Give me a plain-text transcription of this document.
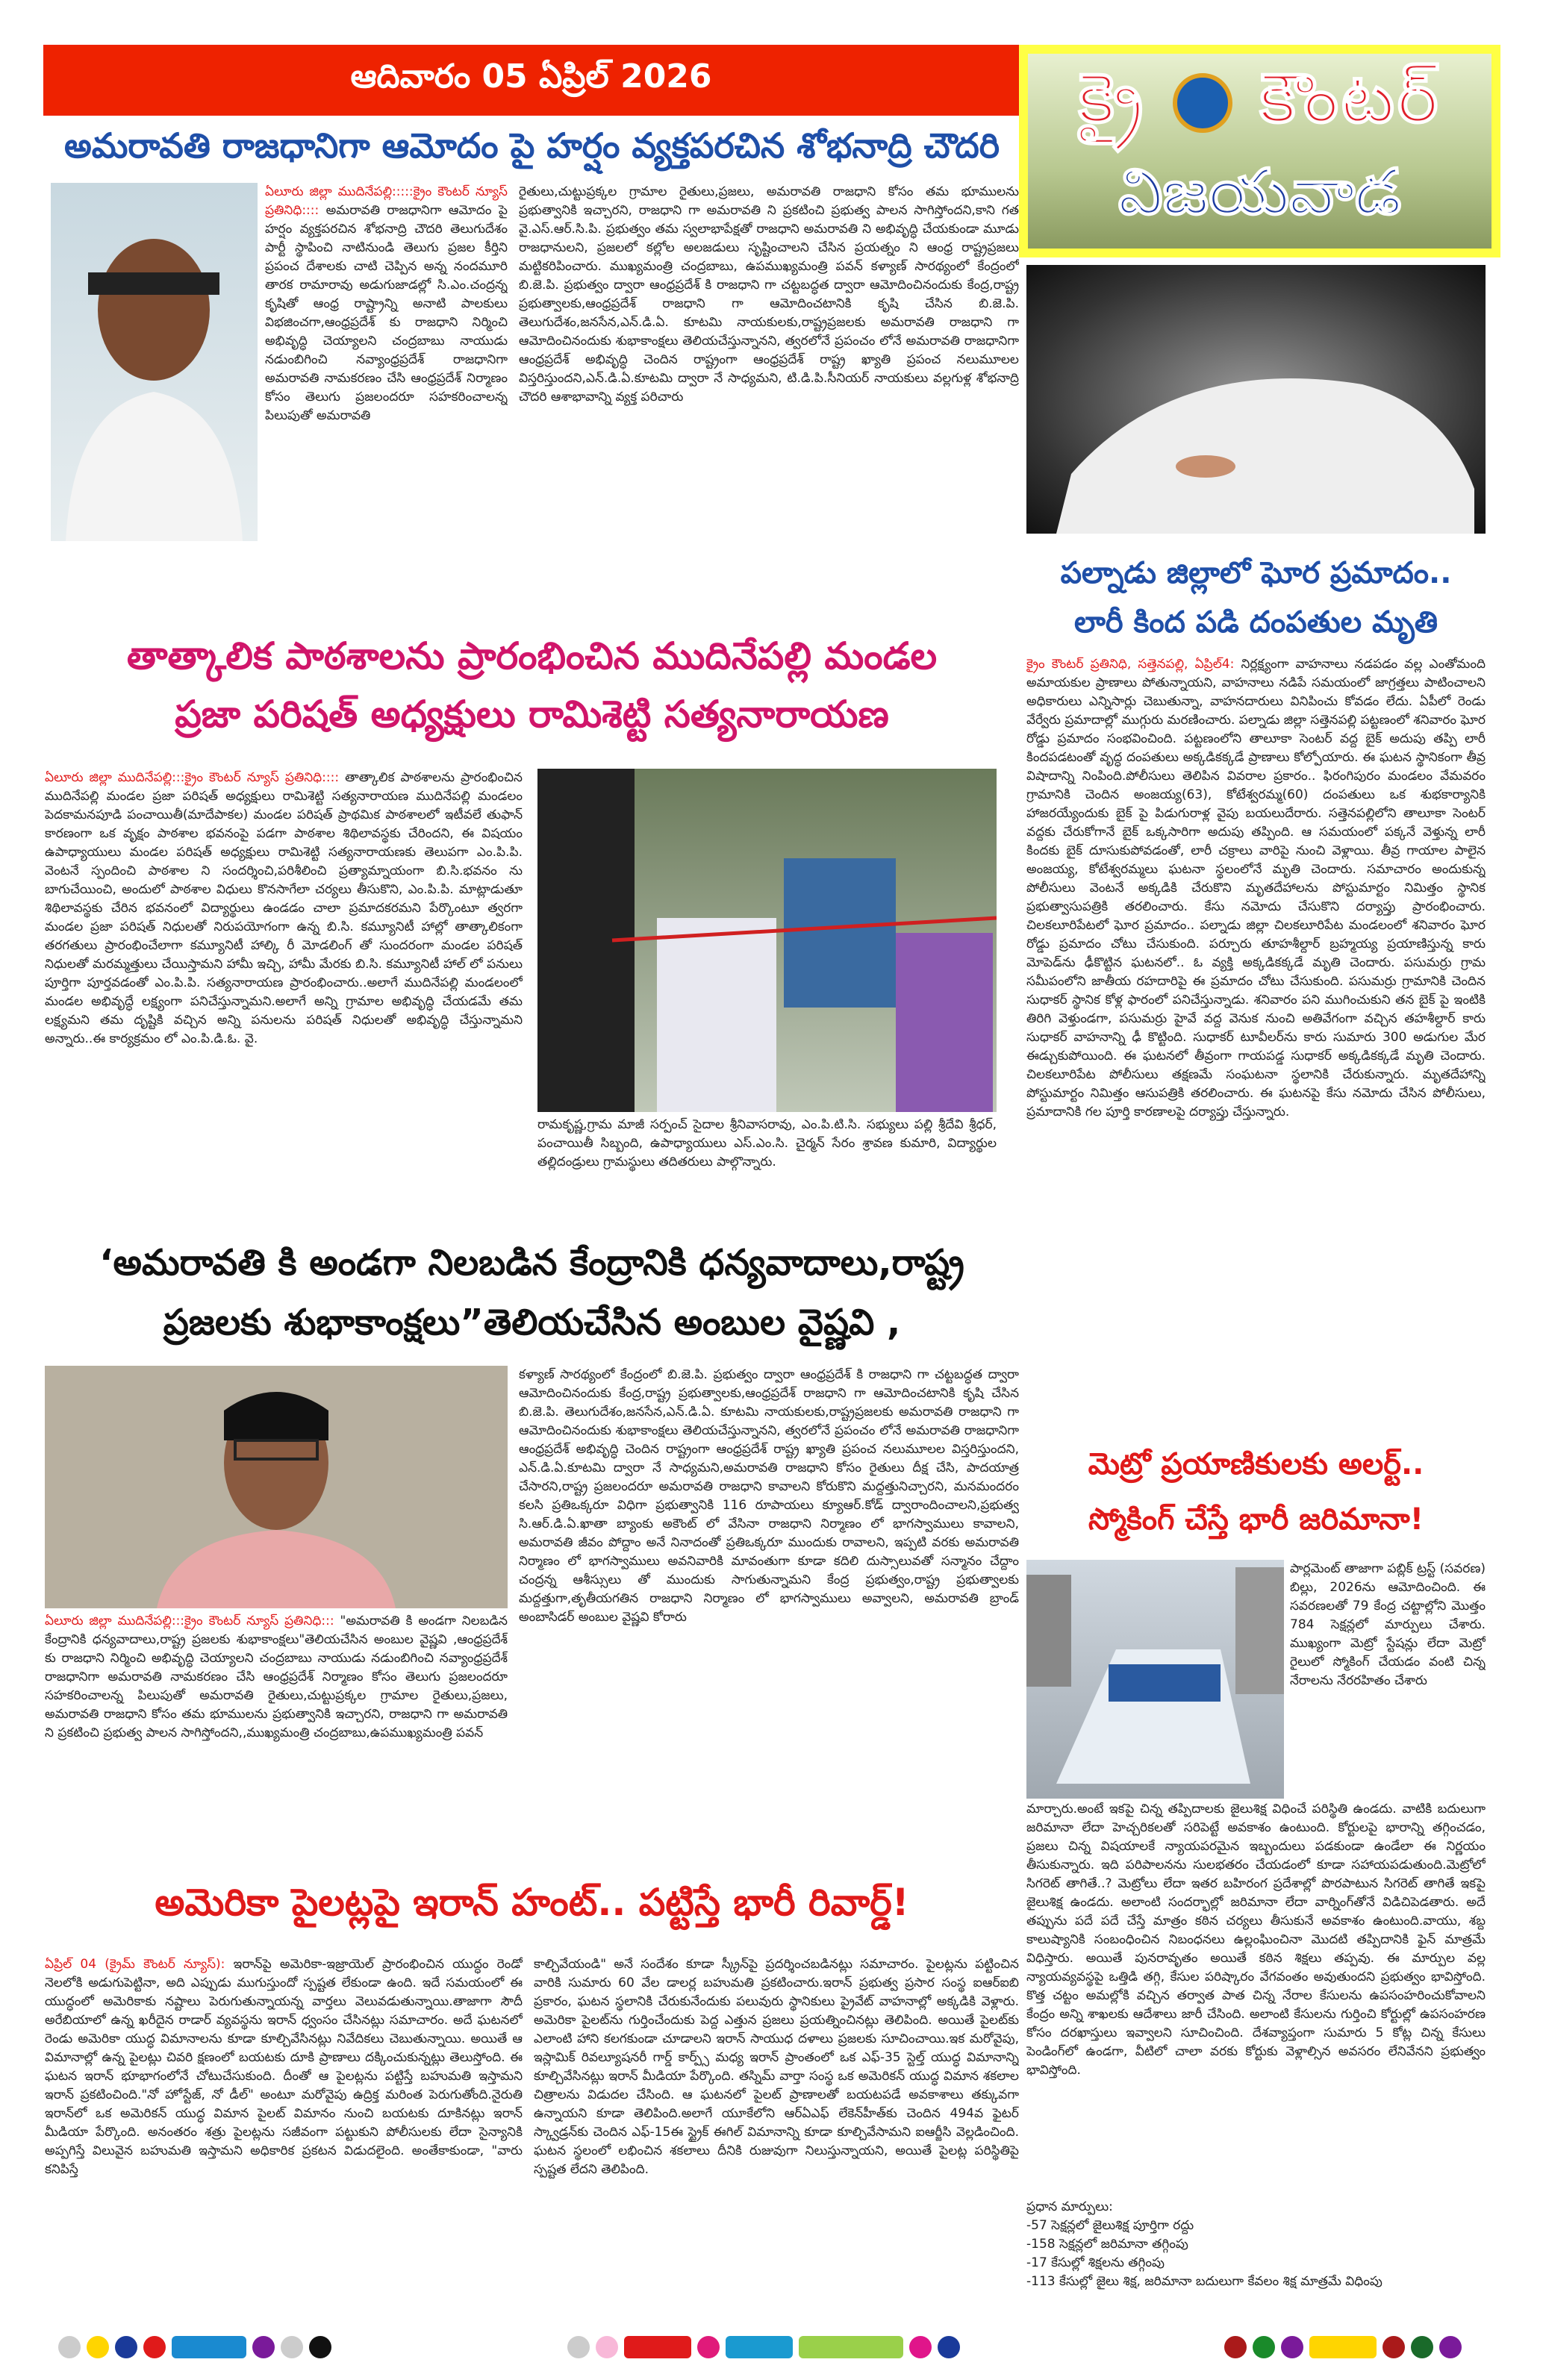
ఆదివారం 05 ఏప్రిల్ 2026	క్రై కౌంటర్
విజయవాడ
అమరావతి రాజధానిగా ఆమోదం పై హర్షం వ్యక్తపరచిన శోభనాద్రి చౌదరి
ఏలూరు జిల్లా ముదినేపల్లి:::::క్రైం కౌంటర్ న్యూస్ ప్రతినిధి:::: అమరావతి రాజధానిగా ఆమోదం పై హర్షం వ్యక్తపరచిన శోభనాద్రి చౌదరి తెలుగుదేశం పార్టీ స్థాపించి నాటినుండి తెలుగు ప్రజల కీర్తిని ప్రపంచ దేశాలకు చాటి చెప్పిన అన్న నందమూరి తారక రామారావు అడుగుజాడల్లో సి.ఎం.చంద్రన్న కృషితో ఆంధ్ర రాష్ట్రాన్ని అనాటి పాలకులు విభజించగా,ఆంధ్రప్రదేశ్ కు రాజధాని నిర్మించి అభివృద్ధి చెయ్యాలని చంద్రబాబు నాయుడు నడుంబిగించి నవ్యాంధ్రప్రదేశ్ రాజధానిగా అమరావతి నామకరణం చేసి ఆంధ్రప్రదేశ్ నిర్మాణం కోసం తెలుగు ప్రజలందరూ సహకరించాలన్న పిలుపుతో అమరావతి
రైతులు,చుట్టుప్రక్కల గ్రామాల రైతులు,ప్రజలు, అమరావతి రాజధాని కోసం తమ భూములను ప్రభుత్వానికి ఇచ్చారని, రాజధాని గా అమరావతి ని ప్రకటించి ప్రభుత్వ పాలన సాగిస్తోందని,కాని గత వై.ఎస్.ఆర్.సి.పి. ప్రభుత్వం తమ స్వలాభాపేక్షతో రాజధాని అమరావతి ని అభివృద్ధి చేయకుండా మూడు రాజధానులని, ప్రజలలో కల్లోల అలజడులు సృష్టించాలని చేసిన ప్రయత్నం ని ఆంధ్ర రాష్ట్రప్రజలు మట్టికరిపించారు. ముఖ్యమంత్రి చంద్రబాబు, ఉపముఖ్యమంత్రి పవన్ కళ్యాణ్ సారథ్యంలో కేంద్రంలో బి.జె.పి. ప్రభుత్వం ద్వారా ఆంధ్రప్రదేశ్ కి రాజధాని గా చట్టబద్ధత ద్వారా ఆమోదించినందుకు కేంద్ర,రాష్ట్ర ప్రభుత్వాలకు,ఆంధ్రప్రదేశ్ రాజధాని గా ఆమోదించటానికి కృషి చేసిన బి.జె.పి. తెలుగుదేశం,జనసేన,ఎన్.డి.ఏ. కూటమి నాయకులకు,రాష్ట్రప్రజలకు అమరావతి రాజధాని గా ఆమోదించినందుకు శుభాకాంక్షలు తెలియచేస్తున్నానని, త్వరలోనే ప్రపంచం లోనే అమరావతి రాజధానిగా ఆంధ్రప్రదేశ్ అభివృద్ధి చెందిన రాష్ట్రంగా ఆంధ్రప్రదేశ్ రాష్ట్ర ఖ్యాతి ప్రపంచ నలుమూలల విస్తరిస్తుందని,ఎన్.డి.ఏ.కూటమి ద్వారా నే సాధ్యమని, టి.డి.పి.సీనియర్ నాయకులు వల్లగుళ్ల శోభనాద్రి చౌదరి ఆశాభావాన్ని వ్యక్త పరిచారు
పల్నాడు జిల్లాలో ఘోర ప్రమాదం..
లారీ కింద పడి దంపతుల మృతి
క్రైం కౌంటర్ ప్రతినిధి, సత్తెనపల్లి, ఏప్రిల్4: నిర్లక్ష్యంగా వాహనాలు నడపడం వల్ల ఎంతోమంది అమాయకుల ప్రాణాలు పోతున్నాయని, వాహనాలు నడిపే సమయంలో జాగ్రత్తలు పాటించాలని అధికారులు ఎన్నిసార్లు చెబుతున్నా, వాహనదారులు వినిపించు కోవడం లేదు. ఏపీలో రెండు వేర్వేరు ప్రమాదాల్లో ముగ్గురు మరణించారు. పల్నాడు జిల్లా సత్తెనపల్లి పట్టణంలో శనివారం ఘోర రోడ్డు ప్రమాదం సంభవించింది. పట్టణంలోని తాలూకా సెంటర్ వద్ద బైక్ అదుపు తప్పి లారీ కిందపడటంతో వృద్ధ దంపతులు అక్కడికక్కడే ప్రాణాలు కోల్పోయారు. ఈ ఘటన స్థానికంగా తీవ్ర విషాదాన్ని నింపింది.పోలీసులు తెలిపిన వివరాల ప్రకారం.. ఫిరంగిపురం మండలం వేమవరం గ్రామానికి చెందిన అంజయ్య(63), కోటేశ్వరమ్మ(60) దంపతులు ఒక శుభకార్యానికి హాజరయ్యేందుకు బైక్ పై పిడుగురాళ్ల వైపు బయలుదేరారు. సత్తెనపల్లిలోని తాలూకా సెంటర్ వద్దకు చేరుకోగానే బైక్ ఒక్కసారిగా అదుపు తప్పింది. ఆ సమయంలో పక్కనే వెళ్తున్న లారీ కిందకు బైక్ దూసుకుపోవడంతో, లారీ చక్రాలు వారిపై నుంచి వెళ్లాయి. తీవ్ర గాయాల పాలైన అంజయ్య, కోటేశ్వరమ్మలు ఘటనా స్థలంలోనే మృతి చెందారు. సమాచారం అందుకున్న పోలీసులు వెంటనే అక్కడికి చేరుకొని మృతదేహాలను పోస్టుమార్టం నిమిత్తం స్థానిక ప్రభుత్వాసుపత్రికి తరలించారు. కేసు నమోదు చేసుకొని దర్యాప్తు ప్రారంభించారు. చిలకలూరిపేటలో ఘోర ప్రమాదం.. పల్నాడు జిల్లా చిలకలూరిపేట మండలంలో శనివారం ఘోర రోడ్డు ప్రమాదం చోటు చేసుకుంది. పర్చూరు తూహశీల్దార్ బ్రహ్మయ్య ప్రయాణిస్తున్న కారు మోపెడ్‌ను ఢీకొట్టిన ఘటనలో.. ఓ వ్యక్తి అక్కడికక్కడే మృతి చెందారు. పసుమర్రు గ్రామ సమీపంలోని జాతీయ రహదారిపై ఈ ప్రమాదం చోటు చేసుకుంది. పసుమర్రు గ్రామానికి చెందిన సుధాకర్ స్థానిక కోళ్ల ఫారంలో పనిచేస్తున్నాడు. శనివారం పని ముగించుకుని తన బైక్ పై ఇంటికి తిరిగి వెళ్తుండగా, పసుమర్రు హైవే వద్ద వెనుక నుంచి అతివేగంగా వచ్చిన తహశీల్దార్ కారు సుధాకర్ వాహనాన్ని ఢీ కొట్టింది. సుధాకర్ టూవీలర్‌ను కారు సుమారు 300 అడుగుల మేర ఈడ్చుకుపోయింది. ఈ ఘటనలో తీవ్రంగా గాయపడ్డ సుధాకర్ అక్కడికక్కడే మృతి చెందారు. చిలకలూరిపేట పోలీసులు తక్షణమే సంఘటనా స్థలానికి చేరుకున్నారు. మృతదేహాన్ని పోస్టుమార్టం నిమిత్తం ఆసుపత్రికి తరలించారు. ఈ ఘటనపై కేసు నమోదు చేసిన పోలీసులు, ప్రమాదానికి గల పూర్తి కారణాలపై దర్యాప్తు చేస్తున్నారు.
తాత్కాలిక పాఠశాలను ప్రారంభించిన ముదినేపల్లి మండల
ప్రజా పరిషత్ అధ్యక్షులు రామిశెట్టి సత్యనారాయణ
ఏలూరు జిల్లా ముదినేపల్లి:::క్రైం కౌంటర్ న్యూస్ ప్రతినిధి:::: తాత్కాలిక పాఠశాలను ప్రారంభించిన ముదినేపల్లి మండల ప్రజా పరిషత్ అధ్యక్షులు రామిశెట్టి సత్యనారాయణ ముదినేపల్లి మండలం పెదకామనపూడి పంచాయితీ(మాదేపాకల) మండల పరిషత్ ప్రాథమిక పాఠశాలలో ఇటీవలే తుఫాన్ కారణంగా ఒక వృక్షం పాఠశాల భవనంపై పడగా పాఠశాల శిథిలావస్థకు చేరిందని, ఈ విషయం ఉపాధ్యాయులు మండల పరిషత్ అధ్యక్షులు రామిశెట్టి సత్యనారాయణకు తెలుపగా ఎం.పి.పి. వెంటనే స్పందించి పాఠశాల ని సందర్శించి,పరిశీలించి ప్రత్యామ్నాయంగా బి.సి.భవనం ను బాగుచేయించి, అందులో పాఠశాల విధులు కొనసాగేలా చర్యలు తీసుకొని, ఎం.పి.పి. మాట్లాడుతూ శిథిలావస్థకు చేరిన భవనంలో విద్యార్థులు ఉండడం చాలా ప్రమాదకరమని పేర్కొంటూ త్వరగా మండల ప్రజా పరిషత్ నిధులతో నిరుపయోగంగా ఉన్న బి.సి. కమ్యూనిటీ హాల్లో తాత్కాలికంగా తరగతులు ప్రారంభించేలాగా కమ్యూనిటీ హాల్కి రీ మోడలింగ్ తో సుందరంగా మండల పరిషత్ నిధులతో మరమ్మత్తులు చేయిస్తామని హామీ ఇచ్చి, హామీ మేరకు బి.సి. కమ్యూనిటీ హాల్ లో పనులు పూర్తిగా పూర్తవడంతో ఎం.పి.పి. సత్యనారాయణ ప్రారంభించారు..అలాగే ముదినేపల్లి మండలంలో మండల అభివృద్ధే లక్ష్యంగా పనిచేస్తున్నామని.అలాగే అన్ని గ్రామాల అభివృద్ధి చేయడమే తమ లక్ష్యమని తమ దృష్టికి వచ్చిన అన్ని పనులను పరిషత్ నిధులతో అభివృద్ధి చేస్తున్నామని అన్నారు..ఈ కార్యక్రమం లో ఎం.పి.డి.ఓ. వై.
రామకృష్ణ,గ్రామ మాజీ సర్పంచ్ సైదాల శ్రీనివాసరావు, ఎం.పి.టి.సి. సభ్యులు పల్లి శ్రీదేవి శ్రీధర్, పంచాయితీ సిబ్బంది, ఉపాధ్యాయులు ఎస్.ఎం.సి. చైర్మన్ సేరం శ్రావణ కుమారి, విద్యార్థుల తల్లిదండ్రులు గ్రామస్థులు తదితరులు పాల్గొన్నారు.
‘అమరావతి కి అండగా నిలబడిన కేంద్రానికి ధన్యవాదాలు,రాష్ట్ర
ప్రజలకు శుభాకాంక్షలు”తెలియచేసిన అంబుల వైష్ణవి ,
ఏలూరు జిల్లా ముదినేపల్లి:::క్రైం కౌంటర్ న్యూస్ ప్రతినిధి::: "అమరావతి కి అండగా నిలబడిన కేంద్రానికి ధన్యవాదాలు,రాష్ట్ర ప్రజలకు శుభాకాంక్షలు"తెలియచేసిన అంబుల వైష్ణవి ,ఆంధ్రప్రదేశ్ కు రాజధాని నిర్మించి అభివృద్ధి చెయ్యాలని చంద్రబాబు నాయుడు నడుంబిగించి నవ్యాంధ్రప్రదేశ్ రాజధానిగా అమరావతి నామకరణం చేసి ఆంధ్రప్రదేశ్ నిర్మాణం కోసం తెలుగు ప్రజలందరూ సహకరించాలన్న పిలుపుతో అమరావతి రైతులు,చుట్టుప్రక్కల గ్రామాల రైతులు,ప్రజలు, అమరావతి రాజధాని కోసం తమ భూములను ప్రభుత్వానికి ఇచ్చారని, రాజధాని గా అమరావతి ని ప్రకటించి ప్రభుత్వ పాలన సాగిస్తోందని,,ముఖ్యమంత్రి చంద్రబాబు,ఉపముఖ్యమంత్రి పవన్
కళ్యాణ్ సారథ్యంలో కేంద్రంలో బి.జె.పి. ప్రభుత్వం ద్వారా ఆంధ్రప్రదేశ్ కి రాజధాని గా చట్టబద్ధత ద్వారా ఆమోదించినందుకు కేంద్ర,రాష్ట్ర ప్రభుత్వాలకు,ఆంధ్రప్రదేశ్ రాజధాని గా ఆమోదించటానికి కృషి చేసిన బి.జె.పి. తెలుగుదేశం,జనసేన,ఎన్.డి.ఏ. కూటమి నాయకులకు,రాష్ట్రప్రజలకు అమరావతి రాజధాని గా ఆమోదించినందుకు శుభాకాంక్షలు తెలియచేస్తున్నానని, త్వరలోనే ప్రపంచం లోనే అమరావతి రాజధానిగా ఆంధ్రప్రదేశ్ అభివృద్ధి చెందిన రాష్ట్రంగా ఆంధ్రప్రదేశ్ రాష్ట్ర ఖ్యాతి ప్రపంచ నలుమూలల విస్తరిస్తుందని, ఎన్.డి.ఏ.కూటమి ద్వారా నే సాధ్యమని,అమరావతి రాజధాని కోసం రైతులు దీక్ష చేసి, పాదయాత్ర చేసారని,రాష్ట్ర ప్రజలందరూ అమరావతి రాజధాని కావాలని కోరుకొని మద్దత్తునిచ్చారని, మనమందరం కలసి ప్రతిఒక్కరూ విధిగా ప్రభుత్వానికి 116 రూపాయలు క్యూఆర్.కోడ్ ద్వారాందించాలని,ప్రభుత్వ సి.ఆర్.డి.ఏ.ఖాతా బ్యాంకు అకౌంట్ లో వేసినా రాజధాని నిర్మాణం లో భాగస్వాములు కావాలని, అమరావతి జీవం పోద్దాం అనే నినాదంతో ప్రతిఒక్కరూ ముందుకు రావాలని, ఇప్పటి వరకు అమరావతి నిర్మాణం లో భాగస్వాములు అవనివారికి మావంతుగా కూడా కదిలి దుస్సాలువతో సన్మానం చేద్దాం చంద్రన్న ఆశీస్సులు తో ముందుకు సాగుతున్నామని కేంద్ర ప్రభుత్వం,రాష్ట్ర ప్రభుత్వాలకు మద్దత్తుగా,తృతీయగతిన రాజధాని నిర్మాణం లో భాగస్వాములు అవ్వాలని, అమరావతి బ్రాండ్ అంబాసిడర్ అంబుల వైష్ణవి కోరారు
మెట్రో ప్రయాణికులకు అలర్ట్..
స్మోకింగ్ చేస్తే భారీ జరిమానా!
పార్లమెంట్ తాజాగా పబ్లిక్ ట్రస్ట్ (సవరణ) బిల్లు, 2026ను ఆమోదించింది. ఈ సవరణలతో 79 కేంద్ర చట్టాల్లోని మొత్తం 784 సెక్షన్లలో మార్పులు చేశారు. ముఖ్యంగా మెట్రో స్టేషన్లు లేదా మెట్రో రైలులో స్మోకింగ్ చేయడం వంటి చిన్న నేరాలను నేరరహితం చేశారు
మార్చారు.అంటే ఇకపై చిన్న తప్పిదాలకు జైలుశిక్ష విధించే పరిస్థితి ఉండదు. వాటికి బదులుగా జరిమానా లేదా హెచ్చరికలతో సరిపెట్టే అవకాశం ఉంటుంది. కోర్టులపై భారాన్ని తగ్గించడం, ప్రజలు చిన్న విషయాలకే న్యాయపరమైన ఇబ్బందులు పడకుండా ఉండేలా ఈ నిర్ణయం తీసుకున్నారు. ఇది పరిపాలనను సులభతరం చేయడంలో కూడా సహాయపడుతుంది.మెట్రోలో సిగరెట్ తాగితే..? మెట్రోలు లేదా ఇతర బహిరంగ ప్రదేశాల్లో పొరపాటున సిగరెట్ తాగితే ఇకపై జైలుశిక్ష ఉండదు. అలాంటి సందర్భాల్లో జరిమానా లేదా వార్నింగ్‌తోనే విడిచిపెడతారు. అదే తప్పును పదే పదే చేస్తే మాత్రం కఠిన చర్యలు తీసుకునే అవకాశం ఉంటుంది.వాయు, శబ్ద కాలుష్యానికి సంబంధించిన నిబంధనలు ఉల్లంఘించినా మొదటి తప్పిదానికి ఫైన్ మాత్రమే విధిస్తారు. అయితే పునరావృతం అయితే కఠిన శిక్షలు తప్పవు. ఈ మార్పుల వల్ల న్యాయవ్యవస్థపై ఒత్తిడి తగ్గి, కేసుల పరిష్కారం వేగవంతం అవుతుందని ప్రభుత్వం భావిస్తోంది. కొత్త చట్టం అమల్లోకి వచ్చిన తర్వాత పాత చిన్న నేరాల కేసులను ఉపసంహరించుకోవాలని కేంద్రం అన్ని శాఖలకు ఆదేశాలు జారీ చేసింది. అలాంటి కేసులను గుర్తించి కోర్టుల్లో ఉపసంహరణ కోసం దరఖాస్తులు ఇవ్వాలని సూచించింది. దేశవ్యాప్తంగా సుమారు 5 కోట్ల చిన్న కేసులు పెండింగ్‌లో ఉండగా, వీటిలో చాలా వరకు కోర్టుకు వెళ్లాల్సిన అవసరం లేనివేనని ప్రభుత్వం భావిస్తోంది.
ప్రధాన మార్పులు:
-57 సెక్షన్లలో జైలుశిక్ష పూర్తిగా రద్దు
-158 సెక్షన్లలో జరిమానా తగ్గింపు
-17 కేసుల్లో శిక్షలను తగ్గింపు
-113 కేసుల్లో జైలు శిక్ష, జరిమానా బదులుగా కేవలం శిక్ష మాత్రమే విధింపు
అమెరికా పైలట్లపై ఇరాన్ హంట్.. పట్టిస్తే భారీ రివార్డ్!
ఏప్రిల్ 04 (క్రైమ్ కౌంటర్ న్యూస్): ఇరాన్‌పై అమెరికా-ఇజ్రాయెల్ ప్రారంభించిన యుద్ధం రెండో నెలలోకి అడుగుపెట్టినా, అది ఎప్పుడు ముగుస్తుందో స్పష్టత లేకుండా ఉంది. ఇదే సమయంలో ఈ యుద్ధంలో అమెరికాకు నష్టాలు పెరుగుతున్నాయన్న వార్తలు వెలువడుతున్నాయి.తాజాగా సౌదీ అరేబియాలో ఉన్న ఖరీదైన రాడార్ వ్యవస్థను ఇరాన్ ధ్వంసం చేసినట్లు సమాచారం. అదే ఘటనలో రెండు అమెరికా యుద్ధ విమానాలను కూడా కూల్చివేసినట్లు నివేదికలు చెబుతున్నాయి. అయితే ఆ విమానాల్లో ఉన్న పైలట్లు చివరి క్షణంలో బయటకు దూకి ప్రాణాలు దక్కించుకున్నట్లు తెలుస్తోంది. ఈ ఘటన ఇరాన్ భూభాగంలోనే చోటుచేసుకుంది. దీంతో ఆ పైలట్లను పట్టిస్తే బహుమతి ఇస్తామని ఇరాన్ ప్రకటించింది."నో హోస్టేజ్, నో డీల్" అంటూ మరోవైపు ఉద్రిక్త మరింత పెరుగుతోంది.నైరుతి ఇరాన్‌లో ఒక అమెరికన్ యుద్ధ విమాన పైలట్ విమానం నుంచి బయటకు దూకినట్లు ఇరాన్ మీడియా పేర్కొంది. అనంతరం శత్రు పైలట్లను సజీవంగా పట్టుకుని పోలీసులకు లేదా సైన్యానికి అప్పగిస్తే విలువైన బహుమతి ఇస్తామని అధికారిక ప్రకటన విడుదలైంది. అంతేకాకుండా, "వారు కనిపిస్తే
కాల్చివేయండి" అనే సందేశం కూడా స్క్రీన్‌పై ప్రదర్శించబడినట్లు సమాచారం. పైలట్లను పట్టించిన వారికి సుమారు 60 వేల డాలర్ల బహుమతి ప్రకటించారు.ఇరాన్ ప్రభుత్వ ప్రసార సంస్థ ఐఆర్ఐబి ప్రకారం, ఘటన స్థలానికి చేరుకునేందుకు పలువురు స్థానికులు ప్రైవేట్ వాహనాల్లో అక్కడికి వెళ్లారు. అమెరికా పైలట్‌ను గుర్తించేందుకు పెద్ద ఎత్తున ప్రజలు ప్రయత్నించినట్లు తెలిపింది. అయితే పైలట్‌కు ఎలాంటి హాని కలగకుండా చూడాలని ఇరాన్ సాయుధ దళాలు ప్రజలకు సూచించాయి.ఇక మరోవైపు, ఇస్లామిక్ రివల్యూషనరీ గార్డ్ కార్ప్స్ మధ్య ఇరాన్ ప్రాంతంలో ఒక ఎఫ్-35 స్టెల్త్ యుద్ధ విమానాన్ని కూల్చివేసినట్లు ఇరాన్ మీడియా పేర్కొంది. తస్నిమ్ వార్తా సంస్థ ఒక అమెరికన్ యుద్ధ విమాన శకలాల చిత్రాలను విడుదల చేసింది. ఆ ఘటనలో పైలట్ ప్రాణాలతో బయటపడే అవకాశాలు తక్కువగా ఉన్నాయని కూడా తెలిపింది.అలాగే యూకేలోని ఆర్ఏఎఫ్ లేకెన్‌హీత్‌కు చెందిన 494వ ఫైటర్ స్క్వాడ్రన్‌కు చెందిన ఎఫ్-15ఈ స్ట్రైక్ ఈగిల్ విమానాన్ని కూడా కూల్చివేసామని ఐఆర్జీసి వెల్లడించింది. ఘటన స్థలంలో లభించిన శకలాలు దీనికి రుజువుగా నిలుస్తున్నాయని, అయితే పైలట్ల పరిస్థితిపై స్పష్టత లేదని తెలిపింది.
